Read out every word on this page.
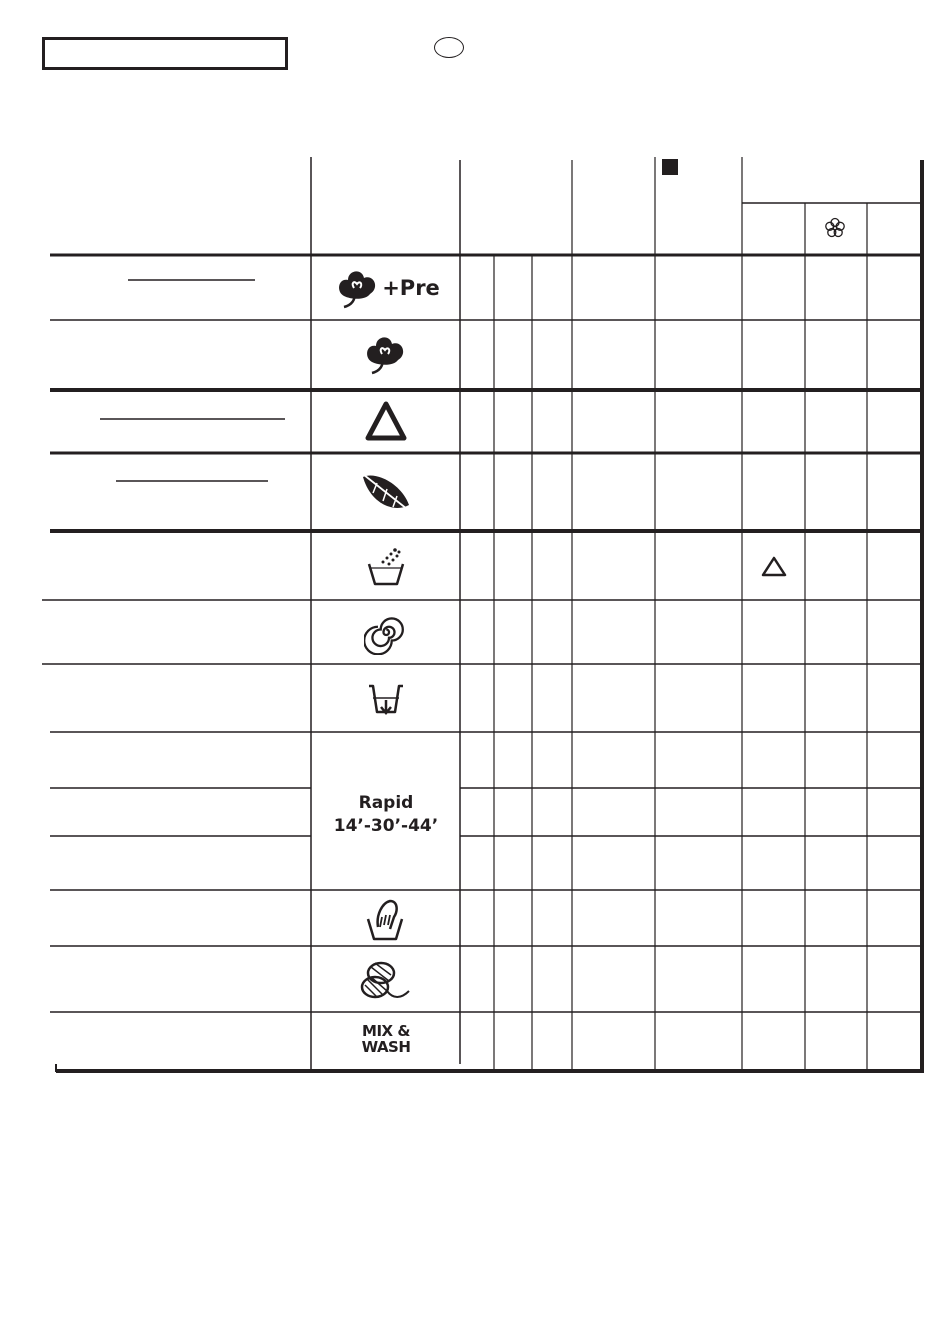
+Pre
Rapid
14’-30’-44’
MIX &
WASH
